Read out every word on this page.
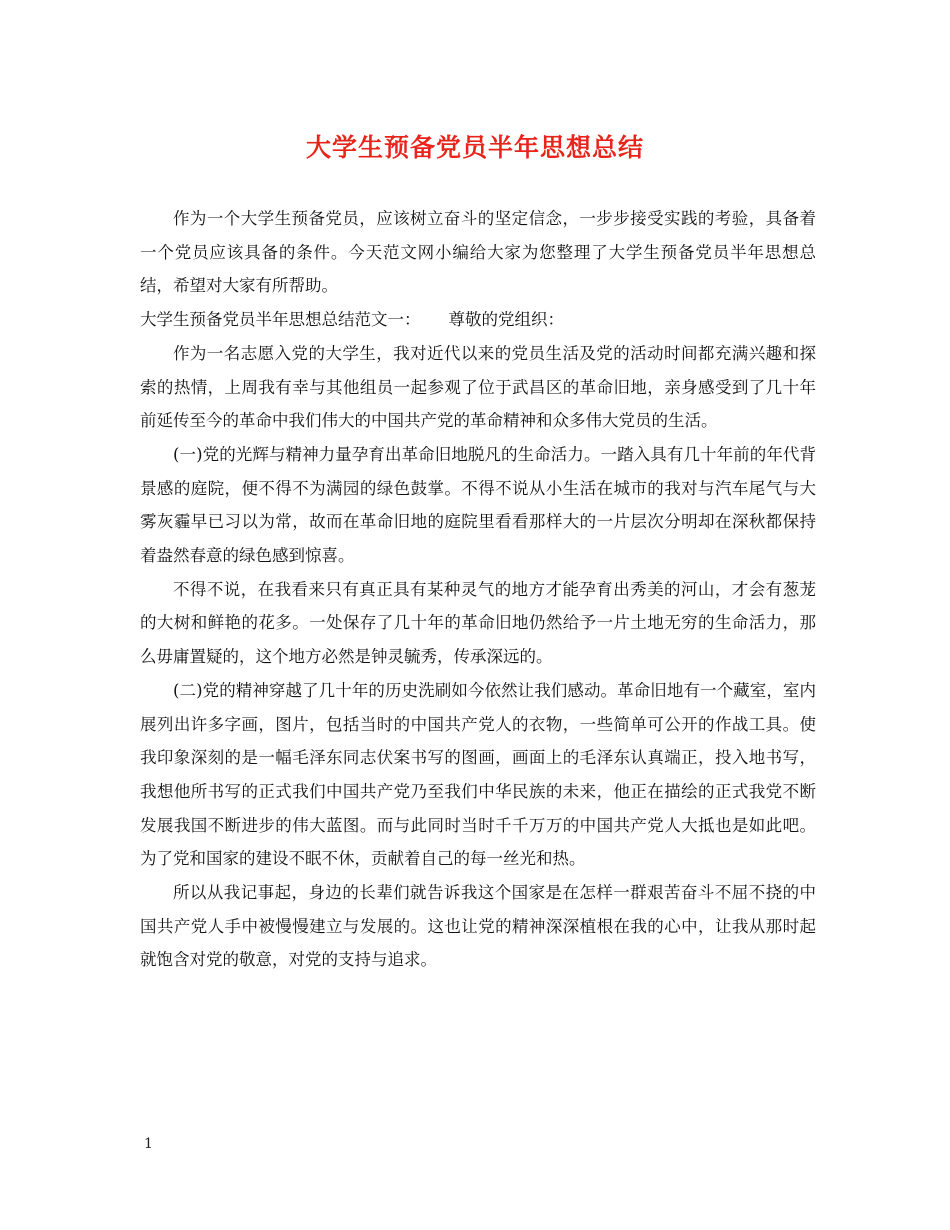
大学生预备党员半年思想总结

作为一个大学生预备党员，应该树立奋斗的坚定信念，一步步接受实践的考验，具备着一个党员应该具备的条件。今天范文网小编给大家为您整理了大学生预备党员半年思想总结，希望对大家有所帮助。

大学生预备党员半年思想总结范文一： 尊敬的党组织：

作为一名志愿入党的大学生，我对近代以来的党员生活及党的活动时间都充满兴趣和探索的热情，上周我有幸与其他组员一起参观了位于武昌区的革命旧地，亲身感受到了几十年前延传至今的革命中我们伟大的中国共产党的革命精神和众多伟大党员的生活。

(一)党的光辉与精神力量孕育出革命旧地脱凡的生命活力。一踏入具有几十年前的年代背景感的庭院，便不得不为满园的绿色鼓掌。不得不说从小生活在城市的我对与汽车尾气与大雾灰霾早已习以为常，故而在革命旧地的庭院里看看那样大的一片层次分明却在深秋都保持着盎然春意的绿色感到惊喜。

不得不说，在我看来只有真正具有某种灵气的地方才能孕育出秀美的河山，才会有葱茏的大树和鲜艳的花多。一处保存了几十年的革命旧地仍然给予一片土地无穷的生命活力，那么毋庸置疑的，这个地方必然是钟灵毓秀，传承深远的。

(二)党的精神穿越了几十年的历史洗刷如今依然让我们感动。革命旧地有一个藏室，室内展列出许多字画，图片，包括当时的中国共产党人的衣物，一些简单可公开的作战工具。使我印象深刻的是一幅毛泽东同志伏案书写的图画，画面上的毛泽东认真端正，投入地书写，我想他所书写的正式我们中国共产党乃至我们中华民族的未来，他正在描绘的正式我党不断发展我国不断进步的伟大蓝图。而与此同时当时千千万万的中国共产党人大抵也是如此吧。为了党和国家的建设不眠不休，贡献着自己的每一丝光和热。

所以从我记事起，身边的长辈们就告诉我这个国家是在怎样一群艰苦奋斗不屈不挠的中国共产党人手中被慢慢建立与发展的。这也让党的精神深深植根在我的心中，让我从那时起就饱含对党的敬意，对党的支持与追求。

1
